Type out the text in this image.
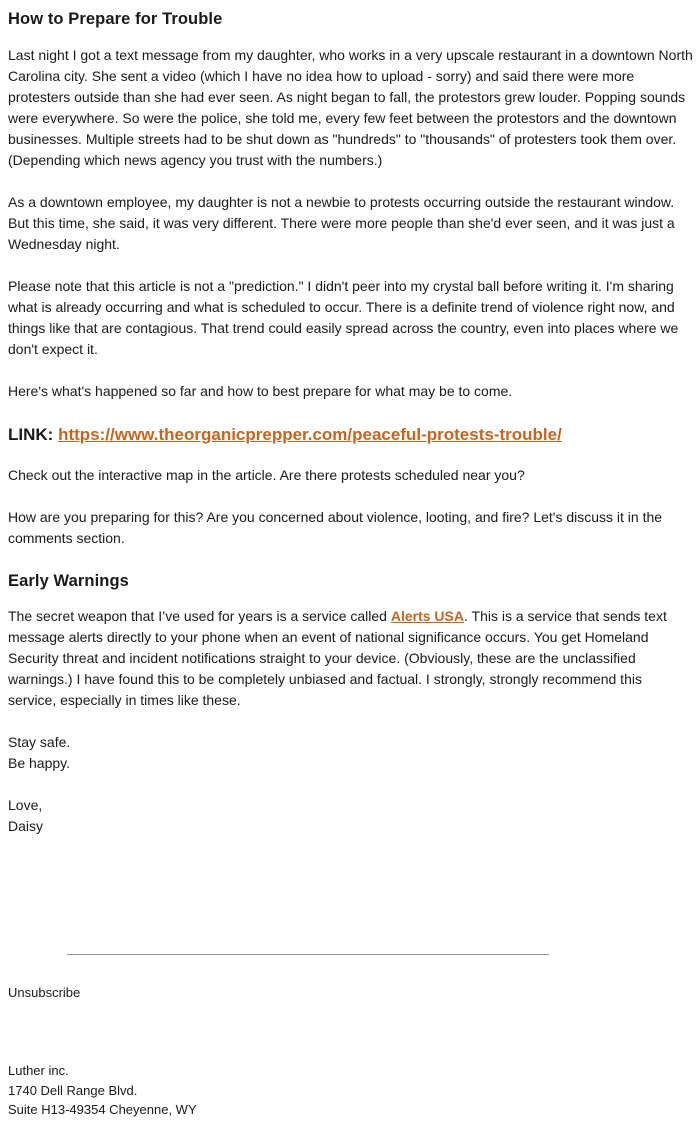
How to Prepare for Trouble

Last night I got a text message from my daughter, who works in a very upscale restaurant in a downtown North Carolina city. She sent a video (which I have no idea how to upload - sorry) and said there were more protesters outside than she had ever seen. As night began to fall, the protestors grew louder. Popping sounds were everywhere. So were the police, she told me, every few feet between the protestors and the downtown businesses. Multiple streets had to be shut down as "hundreds" to "thousands" of protesters took them over. (Depending which news agency you trust with the numbers.)

As a downtown employee, my daughter is not a newbie to protests occurring outside the restaurant window. But this time, she said, it was very different. There were more people than she'd ever seen, and it was just a Wednesday night.

Please note that this article is not a "prediction." I didn't peer into my crystal ball before writing it. I'm sharing what is already occurring and what is scheduled to occur. There is a definite trend of violence right now, and things like that are contagious. That trend could easily spread across the country, even into places where we don't expect it.

Here's what's happened so far and how to best prepare for what may be to come.

LINK: https://www.theorganicprepper.com/peaceful-protests-trouble/

Check out the interactive map in the article. Are there protests scheduled near you?

How are you preparing for this? Are you concerned about violence, looting, and fire? Let's discuss it in the comments section.

Early Warnings

The secret weapon that I’ve used for years is a service called Alerts USA. This is a service that sends text message alerts directly to your phone when an event of national significance occurs. You get Homeland Security threat and incident notifications straight to your device. (Obviously, these are the unclassified warnings.) I have found this to be completely unbiased and factual. I strongly, strongly recommend this service, especially in times like these.

Stay safe.

Be happy.

Love,

Daisy

Unsubscribe
Luther inc.
1740 Dell Range Blvd.
Suite H13-49354 Cheyenne, WY
